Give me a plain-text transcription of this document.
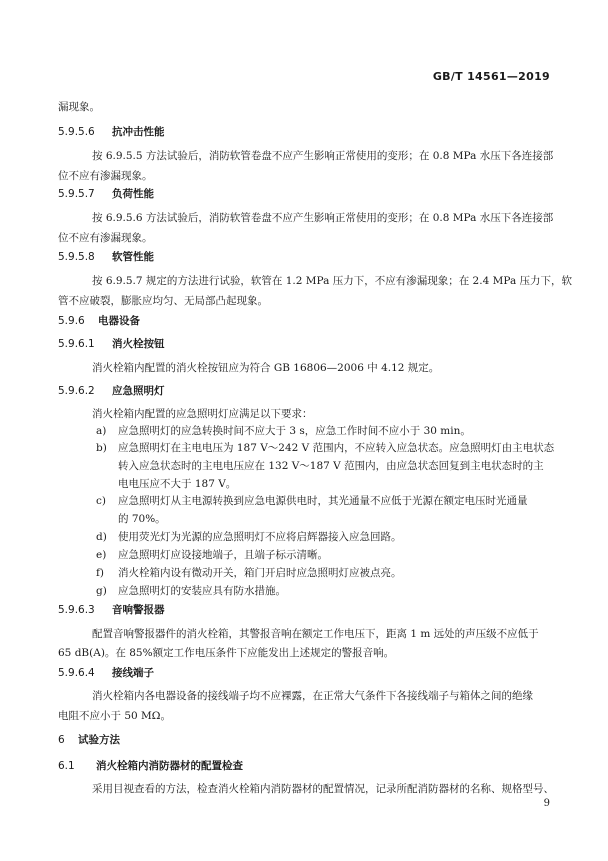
GB/T 14561—2019
漏现象。
5.9.5.6 抗冲击性能
按 6.9.5.5 方法试验后，消防软管卷盘不应产生影响正常使用的变形；在 0.8 MPa 水压下各连接部
位不应有渗漏现象。
5.9.5.7 负荷性能
按 6.9.5.6 方法试验后，消防软管卷盘不应产生影响正常使用的变形；在 0.8 MPa 水压下各连接部
位不应有渗漏现象。
5.9.5.8 软管性能
按 6.9.5.7 规定的方法进行试验，软管在 1.2 MPa 压力下，不应有渗漏现象；在 2.4 MPa 压力下，软
管不应破裂，膨胀应均匀、无局部凸起现象。
5.9.6 电器设备
5.9.6.1 消火栓按钮
消火栓箱内配置的消火栓按钮应为符合 GB 16806—2006 中 4.12 规定。
5.9.6.2 应急照明灯
消火栓箱内配置的应急照明灯应满足以下要求：
a) 应急照明灯的应急转换时间不应大于 3 s，应急工作时间不应小于 30 min。
b) 应急照明灯在主电电压为 187 V～242 V 范围内，不应转入应急状态。应急照明灯由主电状态
转入应急状态时的主电电压应在 132 V～187 V 范围内，由应急状态回复到主电状态时的主
电电压应不大于 187 V。
c) 应急照明灯从主电源转换到应急电源供电时，其光通量不应低于光源在额定电压时光通量
的 70%。
d) 使用荧光灯为光源的应急照明灯不应将启辉器接入应急回路。
e) 应急照明灯应设接地端子，且端子标示清晰。
f) 消火栓箱内设有微动开关，箱门开启时应急照明灯应被点亮。
g) 应急照明灯的安装应具有防水措施。
5.9.6.3 音响警报器
配置音响警报器件的消火栓箱，其警报音响在额定工作电压下，距离 1 m 远处的声压级不应低于
65 dB(A)。在 85%额定工作电压条件下应能发出上述规定的警报音响。
5.9.6.4 接线端子
消火栓箱内各电器设备的接线端子均不应裸露，在正常大气条件下各接线端子与箱体之间的绝缘
电阻不应小于 50 MΩ。
6 试验方法
6.1 消火栓箱内消防器材的配置检查
采用目视查看的方法，检查消火栓箱内消防器材的配置情况，记录所配消防器材的名称、规格型号、
9
